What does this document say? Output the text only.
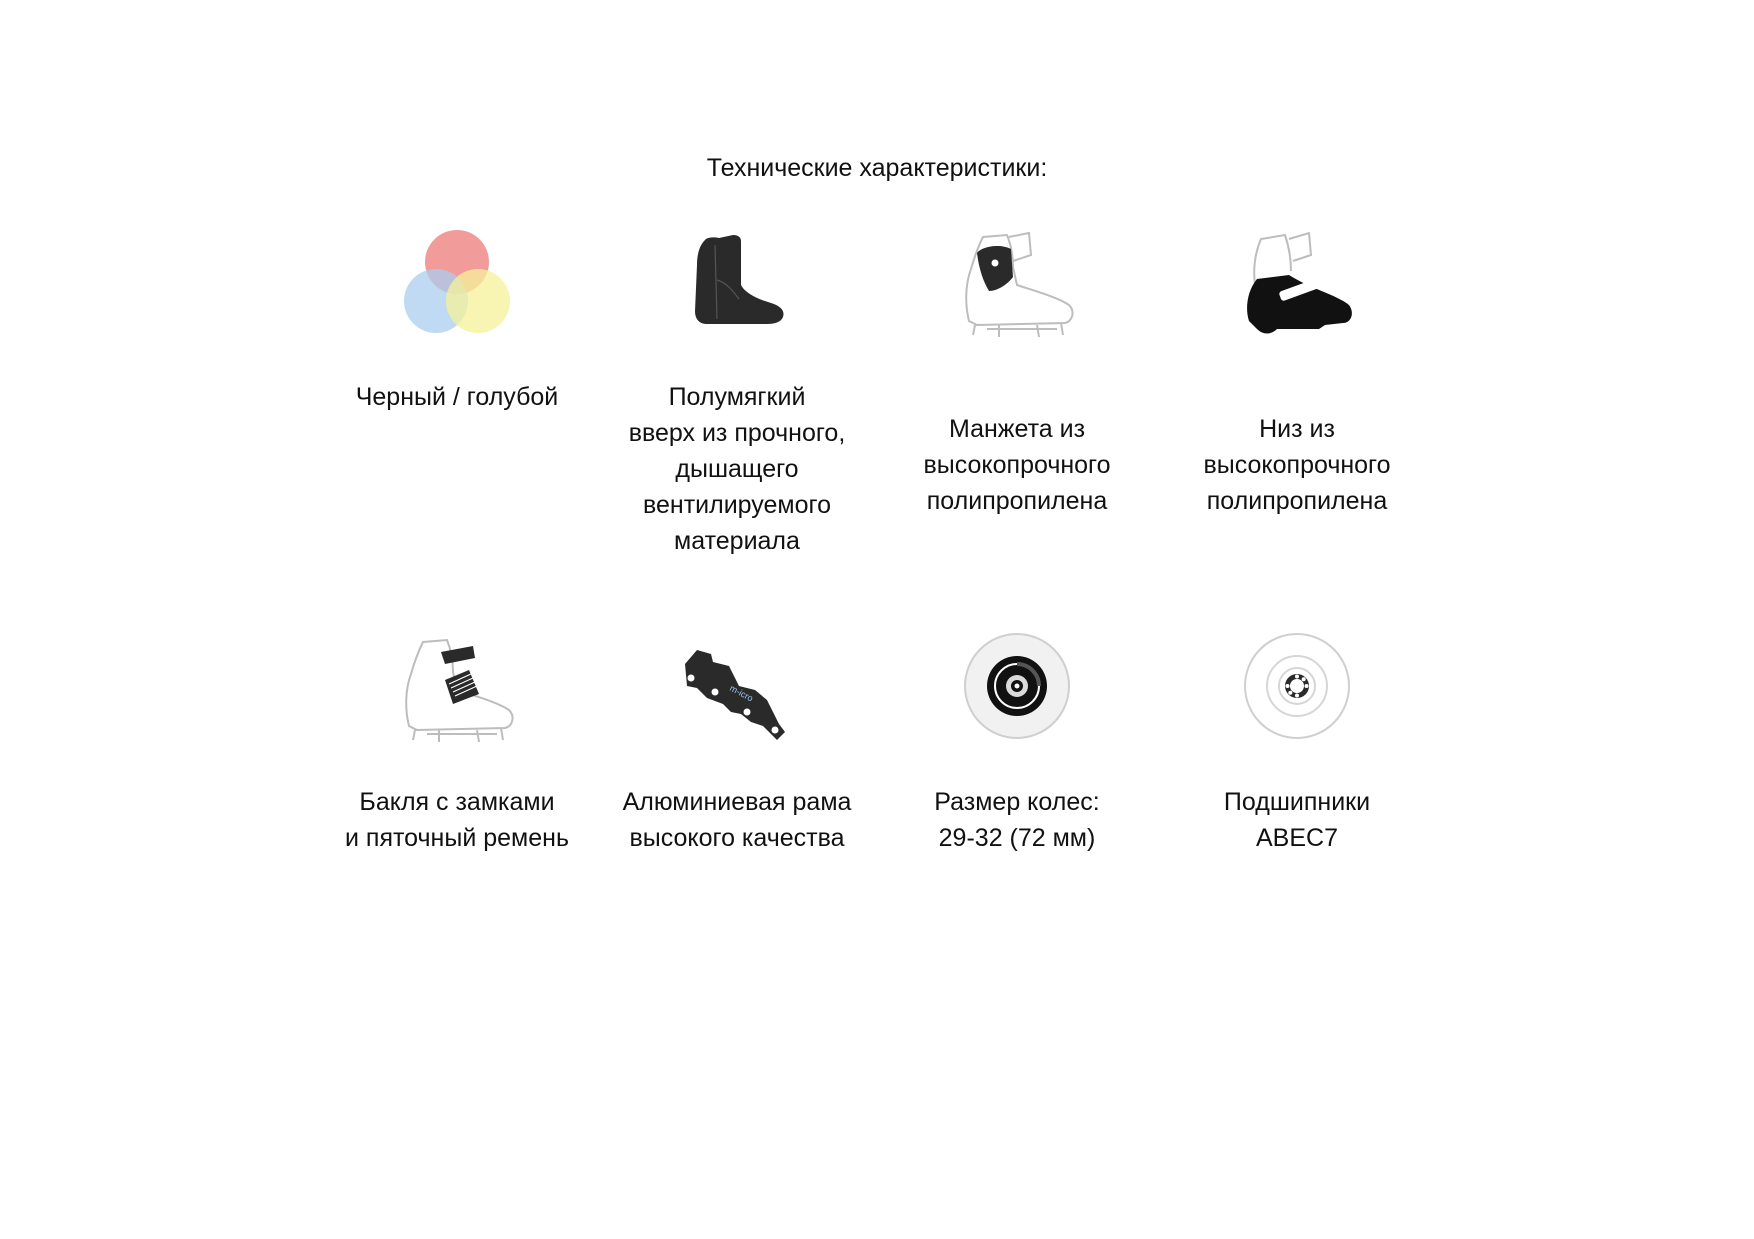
Технические характеристики:
Черный / голубой	Полумягкий
вверх из прочного,
дышащего
вентилируемого
материала
Манжета из
высокопрочного
полипропилена
Низ из
высокопрочного
полипропилена
Бакля с замками
и пяточный ремень
m-icro
Алюминиевая рама
высокого качества
Размер колес:
29-32 (72 мм)
Подшипники
ABEC7
